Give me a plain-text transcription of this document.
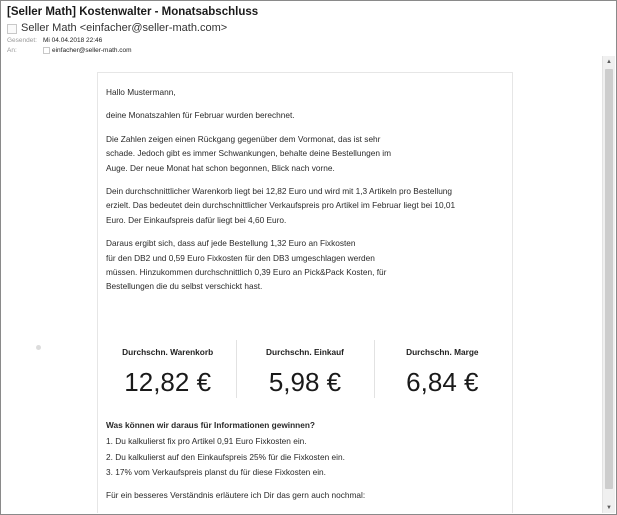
[Seller Math] Kostenwalter - Monatsabschluss
Seller Math <einfacher@seller-math.com>
Gesendet: Mi 04.04.2018 22:46
An:	einfacher@seller-math.com

Hallo Mustermann,

deine Monatszahlen für Februar wurden berechnet.

Die Zahlen zeigen einen Rückgang gegenüber dem Vormonat, das ist sehr
schade. Jedoch gibt es immer Schwankungen, behalte deine Bestellungen im
Auge. Der neue Monat hat schon begonnen, Blick nach vorne.

Dein durchschnittlicher Warenkorb liegt bei 12,82 Euro und wird mit 1,3 Artikeln pro Bestellung
erzielt. Das bedeutet dein durchschnittlicher Verkaufspreis pro Artikel im Februar liegt bei 10,01
Euro. Der Einkaufspreis dafür liegt bei 4,60 Euro.

Daraus ergibt sich, dass auf jede Bestellung 1,32 Euro an Fixkosten
für den DB2 und 0,59 Euro Fixkosten für den DB3 umgeschlagen werden
müssen. Hinzukommen durchschnittlich 0,39 Euro an Pick&Pack Kosten, für
Bestellungen die du selbst verschickt hast.

Durchschn. Warenkorb
12,82 €
Durchschn. Einkauf
5,98 €
Durchschn. Marge
6,84 €
Was können wir daraus für Informationen gewinnen?
1. Du kalkulierst fix pro Artikel 0,91 Euro Fixkosten ein.
2. Du kalkulierst auf den Einkaufspreis 25% für die Fixkosten ein.
3. 17% vom Verkaufspreis planst du für diese Fixkosten ein.
Für ein besseres Verständnis erläutere ich Dir das gern auch nochmal:
▲
▼
